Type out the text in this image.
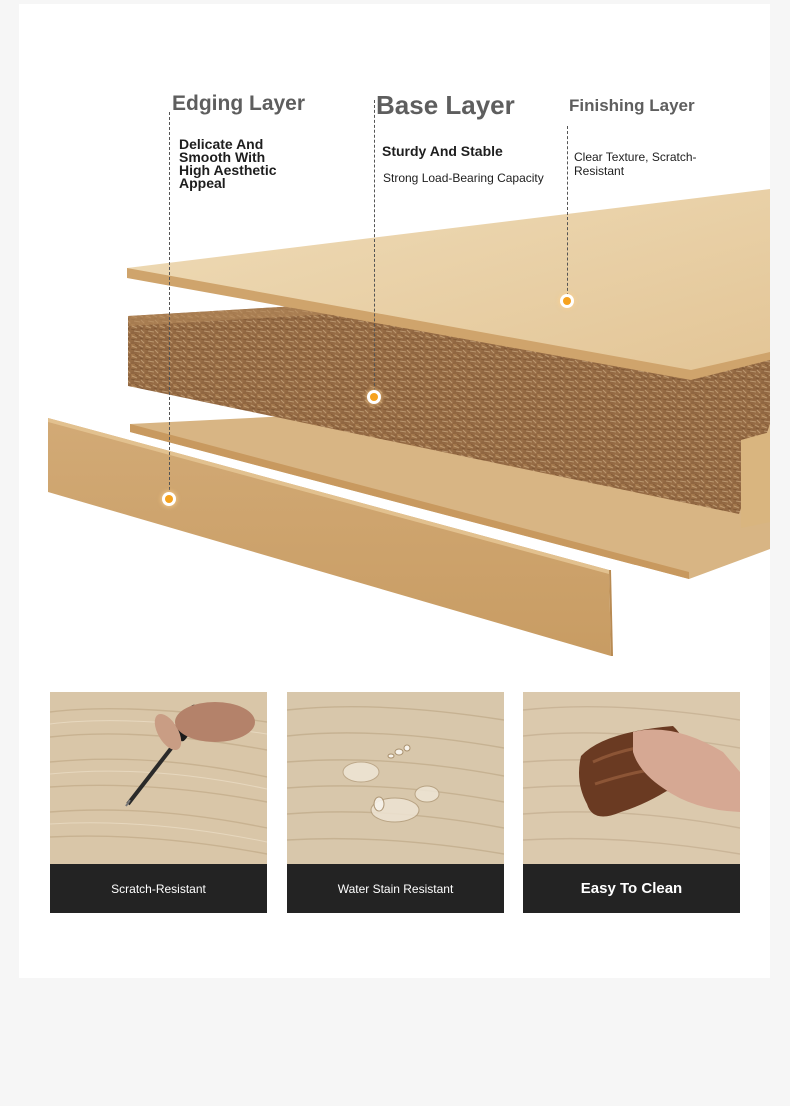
Edging Layer
Delicate And Smooth With High Aesthetic Appeal
Base Layer
Sturdy And Stable
Strong Load-Bearing Capacity
Finishing Layer
Clear Texture, Scratch-Resistant
Scratch-Resistant	Water Stain Resistant	Easy To Clean
